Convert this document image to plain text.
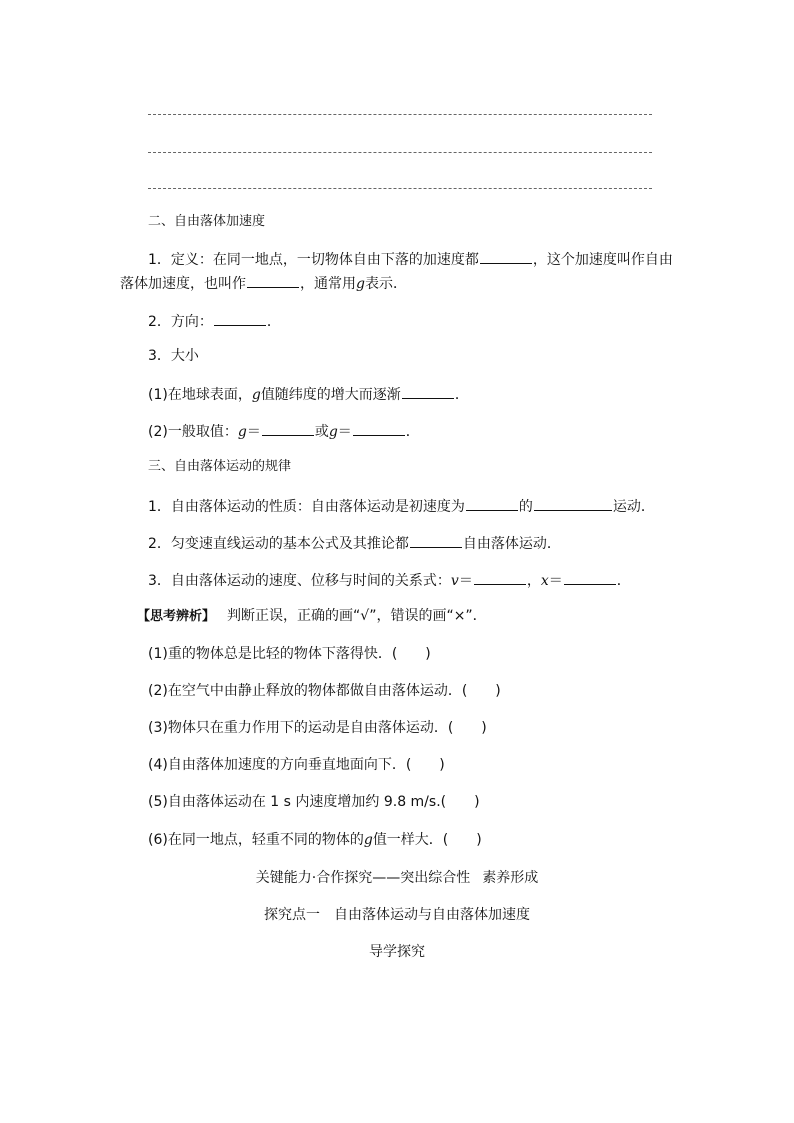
二、自由落体加速度
1．定义：在同一地点，一切物体自由下落的加速度都	，这个加速度叫作自由
落体加速度，也叫作	，通常用g表示．
2．方向：	．
3．大小
(1)在地球表面，g值随纬度的增大而逐渐	．
(2)一般取值：g＝	或g＝	．
三、自由落体运动的规律
1．自由落体运动的性质：自由落体运动是初速度为	的	运动．
2．匀变速直线运动的基本公式及其推论都	自由落体运动．
3．自由落体运动的速度、位移与时间的关系式：v＝	，x＝	．
【思考辨析】 判断正误，正确的画“√”，错误的画“×”．
(1)重的物体总是比轻的物体下落得快．(　　)
(2)在空气中由静止释放的物体都做自由落体运动．(　　)
(3)物体只在重力作用下的运动是自由落体运动．(　　)
(4)自由落体加速度的方向垂直地面向下．(　　)
(5)自由落体运动在 1 s 内速度增加约 9.8 m/s.(　　)
(6)在同一地点，轻重不同的物体的g值一样大．(　　)
关键能力·合作探究——突出综合性 素养形成
探究点一　自由落体运动与自由落体加速度
导学探究
